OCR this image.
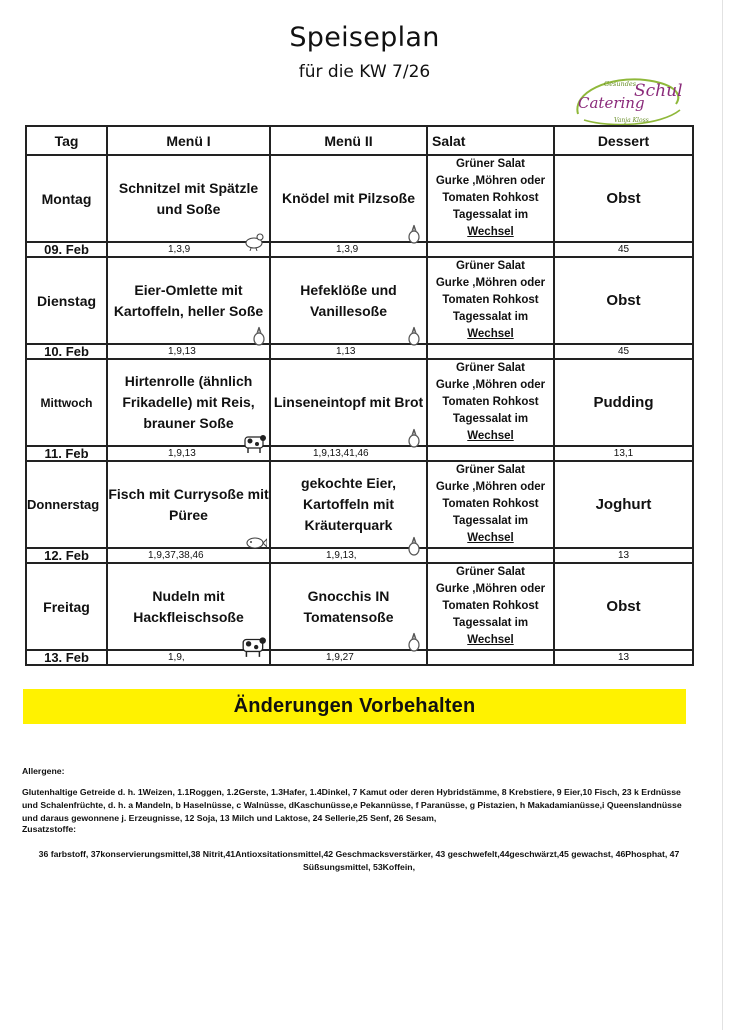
Speiseplan
für die KW 7/26
Gesundes
Schul
Catering
Vanja Kloss
Tag	Menü I	Menü II	Salat	Dessert
Montag	Schnitzel mit Spätzle und Soße	Knödel mit Pilzsoße	Grüner Salat
Gurke ,Möhren oder
Tomaten Rohkost
Tagessalat im
Wechsel	Obst
09. Feb	1,3,9	1,3,9		45
Dienstag	Eier-Omlette mit Kartoffeln, heller Soße	Hefeklöße und Vanillesoße	Grüner Salat
Gurke ,Möhren oder
Tomaten Rohkost
Tagessalat im
Wechsel	Obst
10. Feb	1,9,13	1,13		45
Mittwoch	Hirtenrolle (ähnlich Frikadelle) mit Reis, brauner Soße	Linseneintopf mit Brot	Grüner Salat
Gurke ,Möhren oder
Tomaten Rohkost
Tagessalat im
Wechsel	Pudding
11. Feb	1,9,13	1,9,13,41,46		13,1
Donnerstag	Fisch mit Currysoße mit Püree	gekochte Eier, Kartoffeln mit Kräuterquark	Grüner Salat
Gurke ,Möhren oder
Tomaten Rohkost
Tagessalat im
Wechsel	Joghurt
12. Feb	1,9,37,38,46	1,9,13,		13
Freitag	Nudeln mit Hackfleischsoße	Gnocchis IN Tomatensoße	Grüner Salat
Gurke ,Möhren oder
Tomaten Rohkost
Tagessalat im
Wechsel	Obst
13. Feb	1,9,	1,9,27		13
Änderungen Vorbehalten
Allergene:
Glutenhaltige Getreide d. h. 1Weizen, 1.1Roggen, 1.2Gerste, 1.3Hafer, 1.4Dinkel, 7 Kamut oder deren Hybridstämme, 8 Krebstiere, 9 Eier,10 Fisch, 23 k Erdnüsse und Schalenfrüchte, d. h. a Mandeln, b Haselnüsse, c Walnüsse, dKaschunüsse,e Pekannüsse, f Paranüsse, g Pistazien, h Makadamianüsse,i Queenslandnüsse und daraus gewonnene j. Erzeugnisse, 12 Soja, 13 Milch und Laktose, 24 Sellerie,25 Senf, 26 Sesam,
Zusatzstoffe:
36 farbstoff, 37konservierungsmittel,38 Nitrit,41Antioxsitationsmittel,42 Geschmacksverstärker, 43 geschwefelt,44geschwärzt,45 gewachst, 46Phosphat, 47 Süßsungsmittel, 53Koffein,
